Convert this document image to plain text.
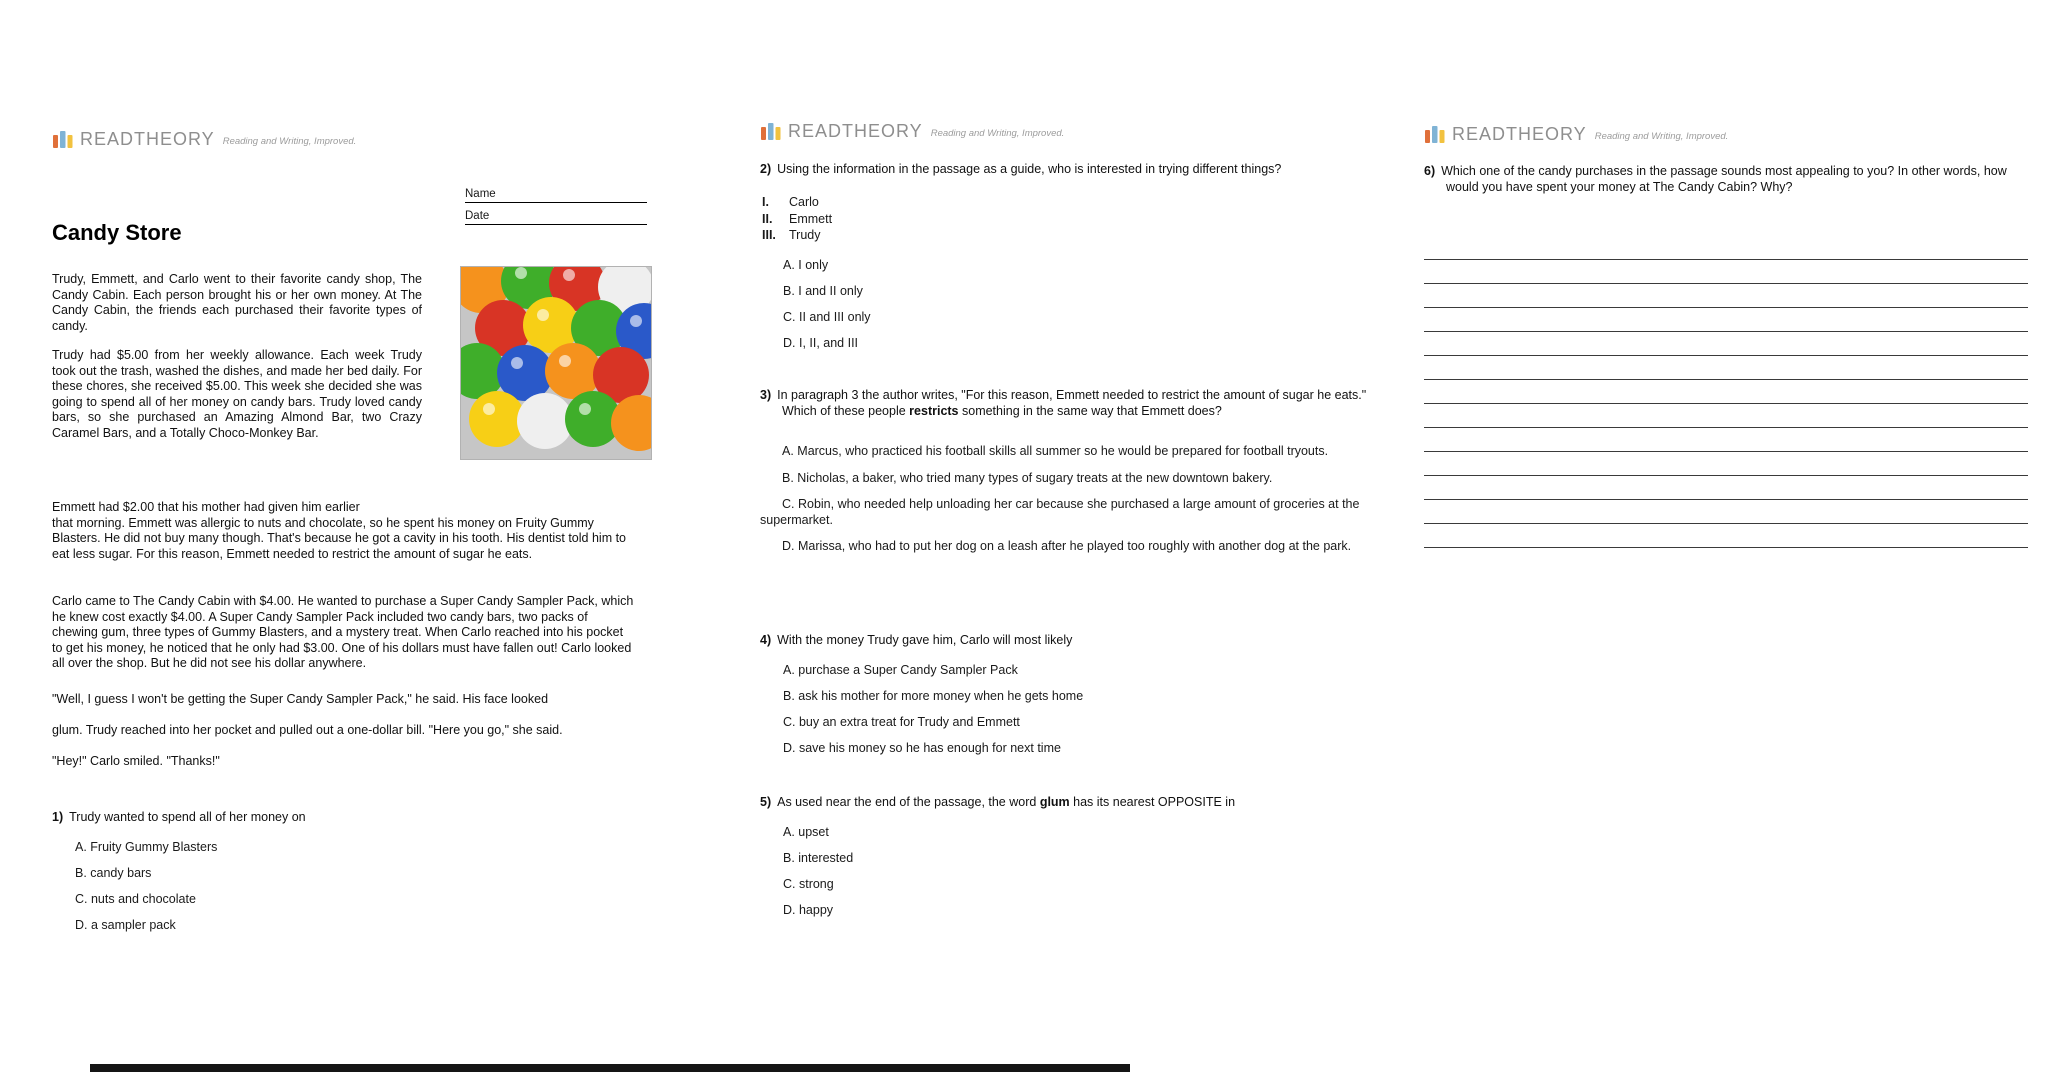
READTHEORY Reading and Writing, Improved.
Name
Date
Candy Store

Trudy, Emmett, and Carlo went to their favorite candy shop, The Candy Cabin. Each person brought his or her own money. At The Candy Cabin, the friends each purchased their favorite types of candy.

Trudy had $5.00 from her weekly allowance. Each week Trudy took out the trash, washed the dishes, and made her bed daily. For these chores, she received $5.00. This week she decided she was going to spend all of her money on candy bars. Trudy loved candy bars, so she purchased an Amazing Almond Bar, two Crazy Caramel Bars, and a Totally Choco-Monkey Bar.

Emmett had $2.00 that his mother had given him earlier
that morning. Emmett was allergic to nuts and chocolate, so he spent his money on Fruity Gummy Blasters. He did not buy many though. That's because he got a cavity in his tooth. His dentist told him to eat less sugar. For this reason, Emmett needed to restrict the amount of sugar he eats.

Carlo came to The Candy Cabin with $4.00. He wanted to purchase a Super Candy Sampler Pack, which he knew cost exactly $4.00. A Super Candy Sampler Pack included two candy bars, two packs of chewing gum, three types of Gummy Blasters, and a mystery treat. When Carlo reached into his pocket to get his money, he noticed that he only had $3.00. One of his dollars must have fallen out! Carlo looked all over the shop. But he did not see his dollar anywhere.

"Well, I guess I won't be getting the Super Candy Sampler Pack," he said. His face looked

glum. Trudy reached into her pocket and pulled out a one-dollar bill. "Here you go," she said.

"Hey!" Carlo smiled. "Thanks!"

1) Trudy wanted to spend all of her money on
A. Fruity Gummy Blasters
B. candy bars
C. nuts and chocolate
D. a sampler pack
READTHEORY Reading and Writing, Improved.
2) Using the information in the passage as a guide, who is interested in trying different things?
I. Carlo
II. Emmett
III. Trudy
A. I only
B. I and II only
C. II and III only
D. I, II, and III
3) In paragraph 3 the author writes, "For this reason, Emmett needed to restrict the amount of sugar he eats." Which of these people restricts something in the same way that Emmett does?
A. Marcus, who practiced his football skills all summer so he would be prepared for football tryouts.
B. Nicholas, a baker, who tried many types of sugary treats at the new downtown bakery.
C. Robin, who needed help unloading her car because she purchased a large amount of groceries at the supermarket.
D. Marissa, who had to put her dog on a leash after he played too roughly with another dog at the park.
4) With the money Trudy gave him, Carlo will most likely
A. purchase a Super Candy Sampler Pack
B. ask his mother for more money when he gets home
C. buy an extra treat for Trudy and Emmett
D. save his money so he has enough for next time
5) As used near the end of the passage, the word glum has its nearest OPPOSITE in
A. upset
B. interested
C. strong
D. happy
READTHEORY Reading and Writing, Improved.
6) Which one of the candy purchases in the passage sounds most appealing to you? In other words, how would you have spent your money at The Candy Cabin? Why?
